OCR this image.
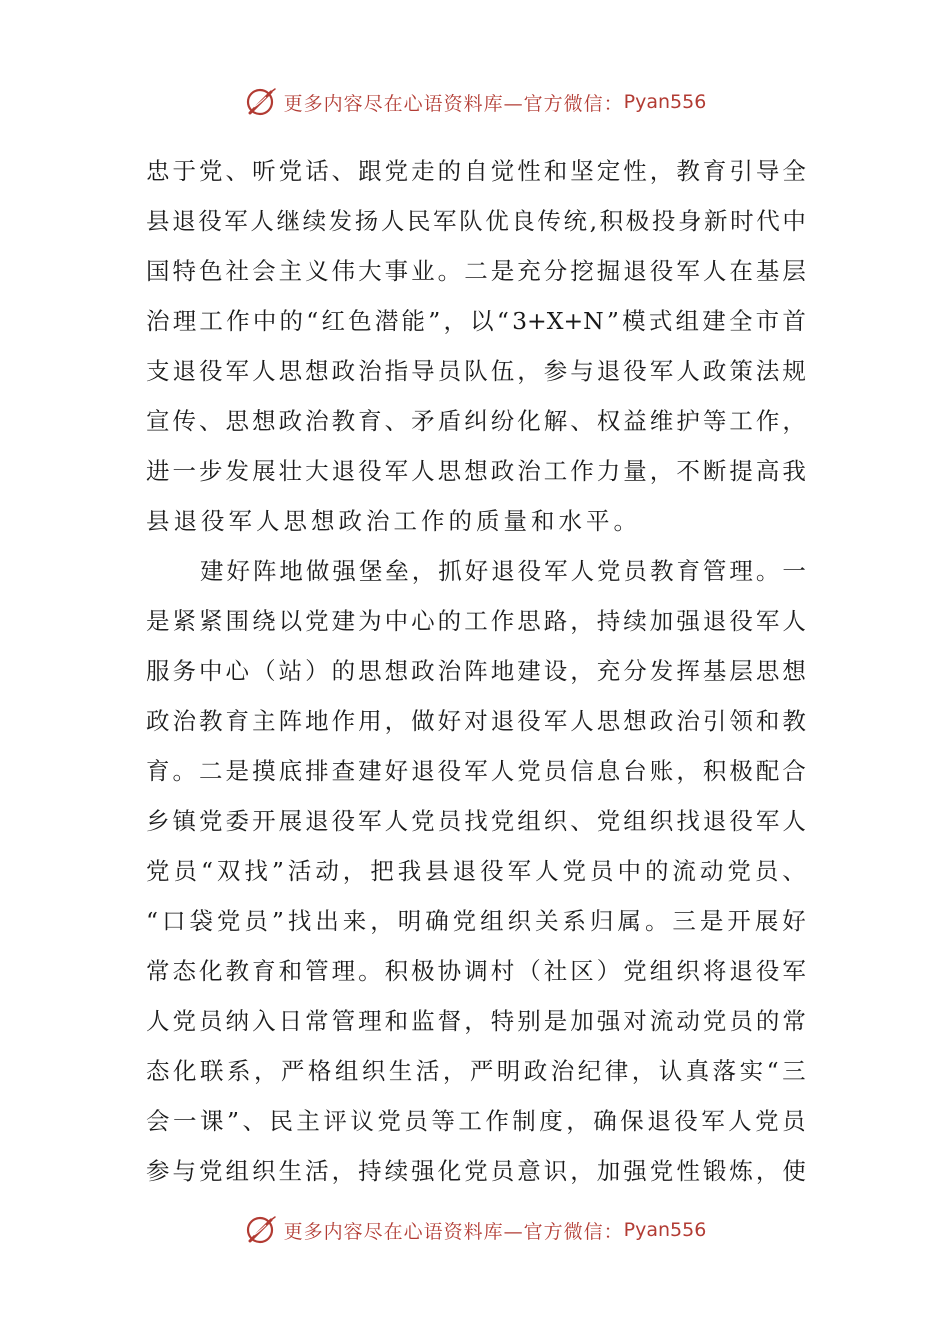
更多内容尽在心语资料库—官方微信： Pyan556
忠 于 党 、 听 党 话 、 跟 党 走 的 自 觉 性 和 坚 定 性 ， 教 育 引 导 全
县 退 役 军 人 继 续 发 扬 人 民 军 队 优 良 传 统 , 积 极 投 身 新 时 代 中
国 特 色 社 会 主 义 伟 大 事 业 。 二 是 充 分 挖 掘 退 役 军 人 在 基 层
治 理 工 作 中 的 “ 红 色 潜 能 ” ， 以 “ 3+X+N ” 模 式 组 建 全 市 首
支 退 役 军 人 思 想 政 治 指 导 员 队 伍 ， 参 与 退 役 军 人 政 策 法 规
宣 传 、 思 想 政 治 教 育 、 矛 盾 纠 纷 化 解 、 权 益 维 护 等 工 作 ，
进 一 步 发 展 壮 大 退 役 军 人 思 想 政 治 工 作 力 量 ， 不 断 提 高 我
县退役军人思想政治工作的质量和水平。
建 好 阵 地 做 强 堡 垒 ， 抓 好 退 役 军 人 党 员 教 育 管 理 。 一
是 紧 紧 围 绕 以 党 建 为 中 心 的 工 作 思 路 ， 持 续 加 强 退 役 军 人
服 务 中 心 （ 站 ） 的 思 想 政 治 阵 地 建 设 ， 充 分 发 挥 基 层 思 想
政 治 教 育 主 阵 地 作 用 ， 做 好 对 退 役 军 人 思 想 政 治 引 领 和 教
育 。 二 是 摸 底 排 查 建 好 退 役 军 人 党 员 信 息 台 账 ， 积 极 配 合
乡 镇 党 委 开 展 退 役 军 人 党 员 找 党 组 织 、 党 组 织 找 退 役 军 人
党 员 “ 双 找 ” 活 动 ， 把 我 县 退 役 军 人 党 员 中 的 流 动 党 员 、
“ 口 袋 党 员 ” 找 出 来 ， 明 确 党 组 织 关 系 归 属 。 三 是 开 展 好
常 态 化 教 育 和 管 理 。 积 极 协 调 村 （ 社 区 ） 党 组 织 将 退 役 军
人 党 员 纳 入 日 常 管 理 和 监 督 ， 特 别 是 加 强 对 流 动 党 员 的 常
态 化 联 系 ， 严 格 组 织 生 活 ， 严 明 政 治 纪 律 ， 认 真 落 实 “ 三
会 一 课 ” 、 民 主 评 议 党 员 等 工 作 制 度 ， 确 保 退 役 军 人 党 员
参 与 党 组 织 生 活 ， 持 续 强 化 党 员 意 识 ， 加 强 党 性 锻 炼 ， 使
更多内容尽在心语资料库—官方微信： Pyan556
